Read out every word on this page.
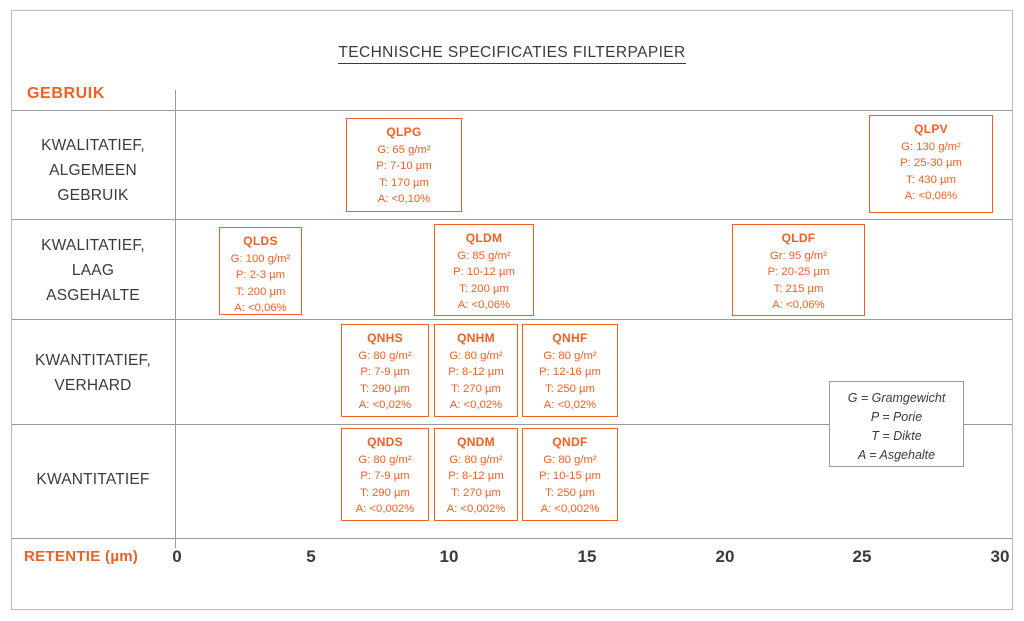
TECHNISCHE SPECIFICATIES FILTERPAPIER
GEBRUIK
RETENTIE (µm)
KWALITATIEF,
ALGEMEEN
GEBRUIK
KWALITATIEF,
LAAG
ASGEHALTE
KWANTITATIEF,
VERHARD
KWANTITATIEF
0	5	10	15	20	25	30
QLPG
G: 65 g/m²
P: 7-10 µm
T: 170 µm
A: <0,10%
QLPV
G: 130 g/m²
P: 25-30 µm
T: 430 µm
A: <0,06%
QLDS
G: 100 g/m²
P: 2-3 µm
T: 200 µm
A: <0,06%
QLDM
G: 85 g/m²
P: 10-12 µm
T: 200 µm
A: <0,06%
QLDF
Gr: 95 g/m²
P: 20-25 µm
T: 215 µm
A: <0,06%
QNHS
G: 80 g/m²
P: 7-9 µm
T: 290 µm
A: <0,02%
QNHM
G: 80 g/m²
P: 8-12 µm
T: 270 µm
A: <0,02%
QNHF
G: 80 g/m²
P: 12-16 µm
T: 250 µm
A: <0,02%
QNDS
G: 80 g/m²
P: 7-9 µm
T: 290 µm
A: <0,002%
QNDM
G: 80 g/m²
P: 8-12 µm
T: 270 µm
A: <0,002%
QNDF
G: 80 g/m²
P: 10-15 µm
T: 250 µm
A: <0,002%
G = Gramgewicht
P = Porie
T = Dikte
A = Asgehalte
